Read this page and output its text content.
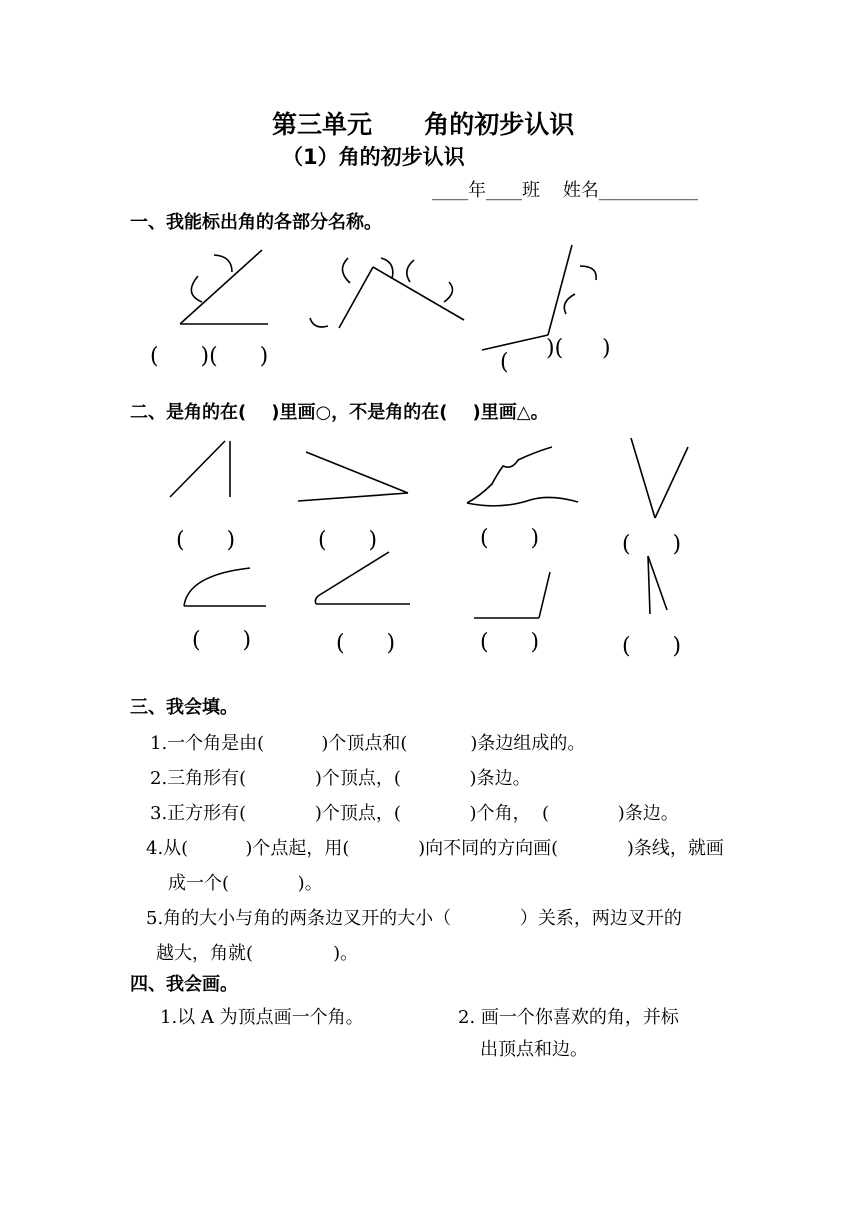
第三单元      角的初步认识
（1）角的初步认识
____年____班    姓名___________
一、我能标出角的各部分名称。
(      )(      )	(
)( )
二、是角的在(    )里画○，不是角的在(    )里画△。
(      )	(      )	(      )	(      )
(      )	(      )	(      )	(      )
三、我会填。
1.一个角是由(          )个顶点和(           )条边组成的。
2.三角形有(            )个顶点，(            )条边。
3.正方形有(            )个顶点，(            )个角，  (            )条边。
4.从(          )个点起，用(            )向不同的方向画(            )条线，就画
成一个(            )。
5.角的大小与角的两条边叉开的大小（            ）关系，两边叉开的
越大，角就(              )。
四、我会画。
1.以 A 为顶点画一个角。	2. 画一个你喜欢的角，并标
出顶点和边。
